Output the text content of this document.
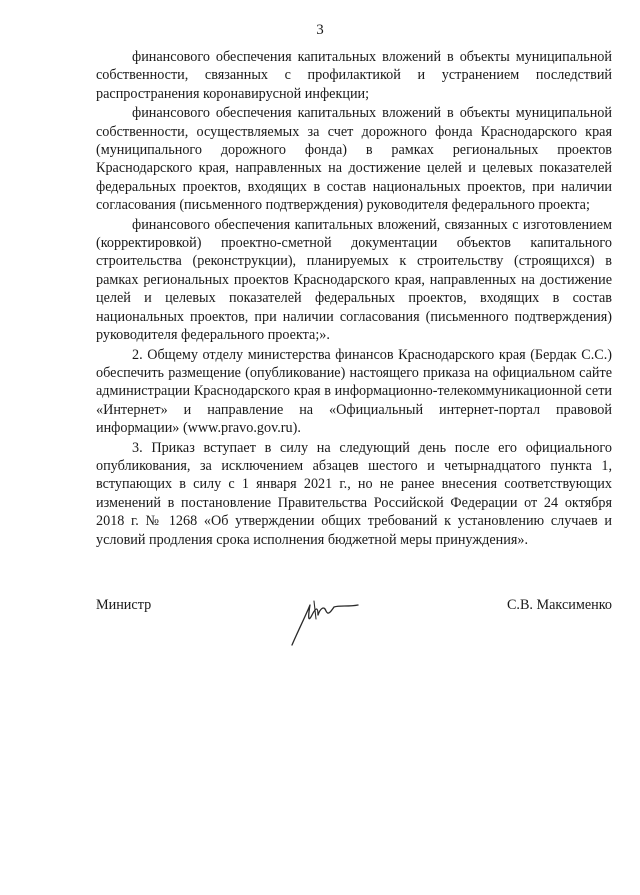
3

финансового обеспечения капитальных вложений в объекты муниципальной собственности, связанных с профилактикой и устранением последствий распространения коронавирусной инфекции;

финансового обеспечения капитальных вложений в объекты муниципальной собственности, осуществляемых за счет дорожного фонда Краснодарского края (муниципального дорожного фонда) в рамках региональных проектов Краснодарского края, направленных на достижение целей и целевых показателей федеральных проектов, входящих в состав национальных проектов, при наличии согласования (письменного подтверждения) руководителя федерального проекта;

финансового обеспечения капитальных вложений, связанных с изготовлением (корректировкой) проектно-сметной документации объектов капитального строительства (реконструкции), планируемых к строительству (строящихся) в рамках региональных проектов Краснодарского края, направленных на достижение целей и целевых показателей федеральных проектов, входящих в состав национальных проектов, при наличии согласования (письменного подтверждения) руководителя федерального проекта;».

2. Общему отделу министерства финансов Краснодарского края (Бердак С.С.) обеспечить размещение (опубликование) настоящего приказа на официальном сайте администрации Краснодарского края в информационно-телекоммуникационной сети «Интернет» и направление на «Официальный интернет-портал правовой информации» (www.pravo.gov.ru).

3. Приказ вступает в силу на следующий день после его официального опубликования, за исключением абзацев шестого и четырнадцатого пункта 1, вступающих в силу с 1 января 2021 г., но не ранее внесения соответствующих изменений в постановление Правительства Российской Федерации от 24 октября 2018 г. № 1268 «Об утверждении общих требований к установлению случаев и условий продления срока исполнения бюджетной меры принуждения».

Министр	С.В. Максименко
